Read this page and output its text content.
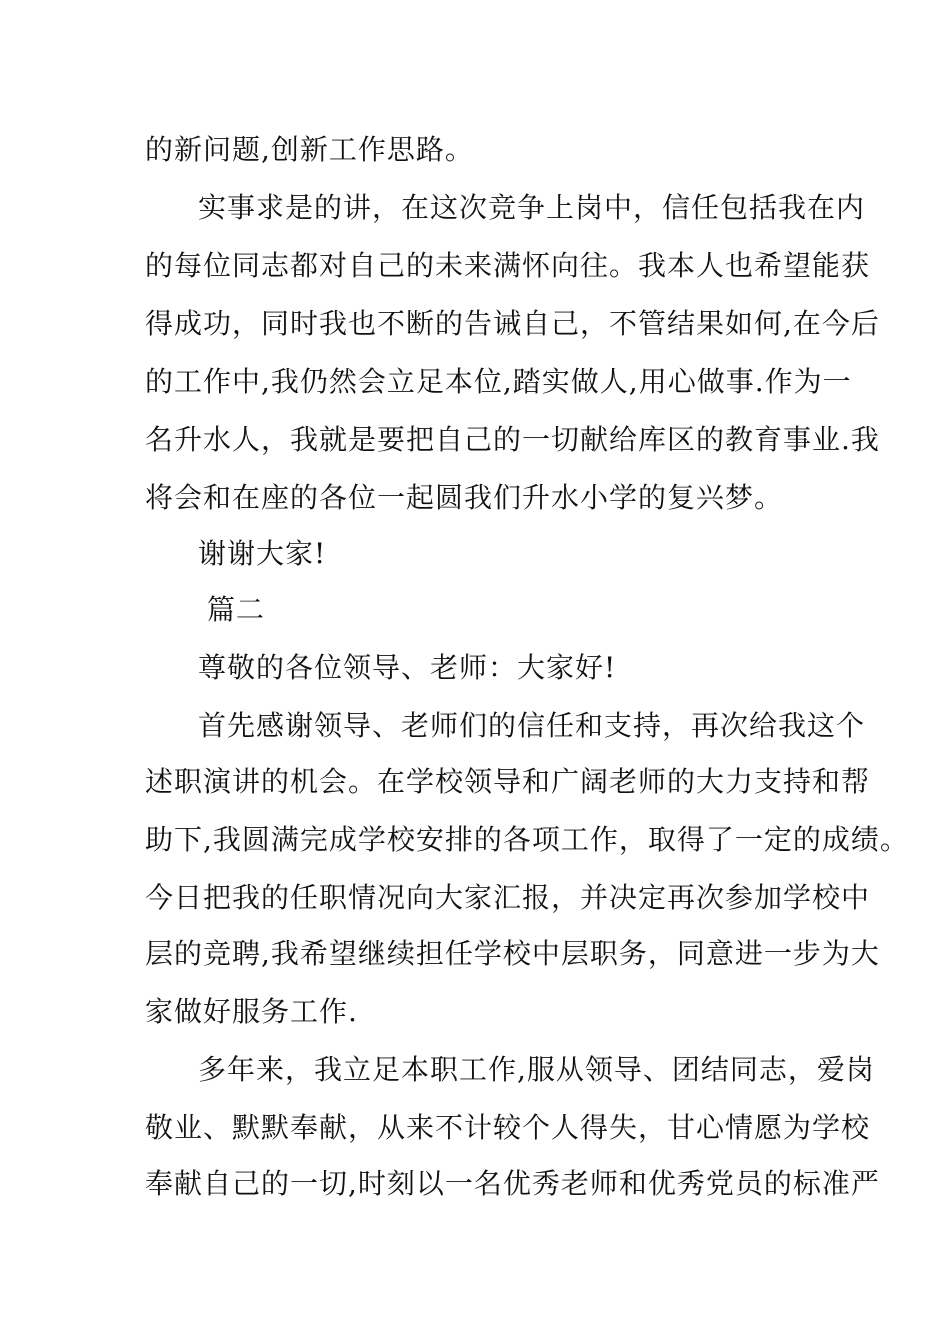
的新问题,创新工作思路。
实事求是的讲，在这次竞争上岗中，信任包括我在内
的每位同志都对自己的未来满怀向往。我本人也希望能获
得成功，同时我也不断的告诫自己，不管结果如何,在今后
的工作中,我仍然会立足本位,踏实做人,用心做事.作为一
名升水人，我就是要把自己的一切献给库区的教育事业.我
将会和在座的各位一起圆我们升水小学的复兴梦。
谢谢大家!
篇二
尊敬的各位领导、老师：大家好!
首先感谢领导、老师们的信任和支持，再次给我这个
述职演讲的机会。在学校领导和广阔老师的大力支持和帮
助下,我圆满完成学校安排的各项工作，取得了一定的成绩。
今日把我的任职情况向大家汇报，并决定再次参加学校中
层的竞聘,我希望继续担任学校中层职务，同意进一步为大
家做好服务工作.
多年来，我立足本职工作,服从领导、团结同志，爱岗
敬业、默默奉献，从来不计较个人得失，甘心情愿为学校
奉献自己的一切,时刻以一名优秀老师和优秀党员的标准严
